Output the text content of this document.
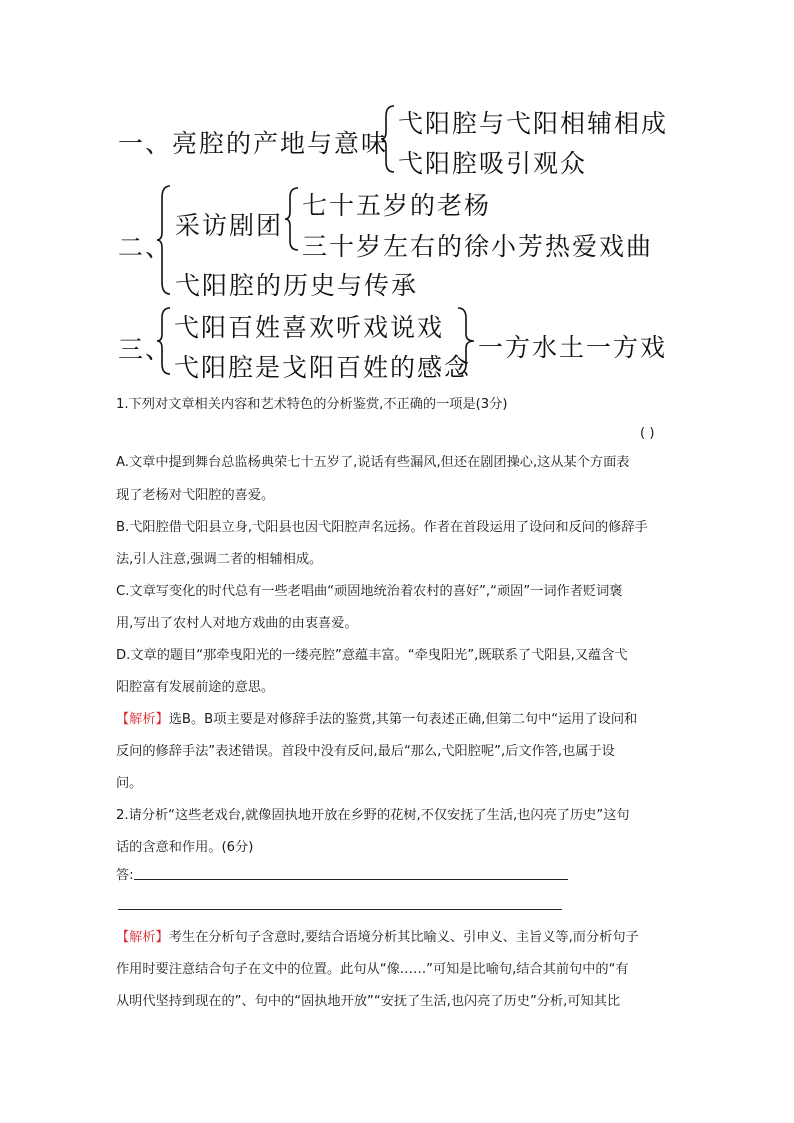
一、亮腔的产地与意味
弋阳腔与弋阳相辅相成
弋阳腔吸引观众
二、
采访剧团
七十五岁的老杨
三十岁左右的徐小芳热爱戏曲
弋阳腔的历史与传承
三、
弋阳百姓喜欢听戏说戏
弋阳腔是戈阳百姓的感念
一方水土一方戏
1.下列对文章相关内容和艺术特色的分析鉴赏,不正确的一项是(3分)
( )
A.文章中提到舞台总监杨典荣七十五岁了,说话有些漏风,但还在剧团操心,这从某个方面表
现了老杨对弋阳腔的喜爱。
B.弋阳腔借弋阳县立身,弋阳县也因弋阳腔声名远扬。作者在首段运用了设问和反问的修辞手
法,引人注意,强调二者的相辅相成。
C.文章写变化的时代总有一些老唱曲“顽固地统治着农村的喜好”,“顽固”一词作者贬词褒
用,写出了农村人对地方戏曲的由衷喜爱。
D.文章的题目“那牵曳阳光的一缕亮腔”意蕴丰富。“牵曳阳光”,既联系了弋阳县,又蕴含弋
阳腔富有发展前途的意思。
【解析】选B。B项主要是对修辞手法的鉴赏,其第一句表述正确,但第二句中“运用了设问和
反问的修辞手法”表述错误。首段中没有反问,最后“那么,弋阳腔呢”,后文作答,也属于设
问。
2.请分析“这些老戏台,就像固执地开放在乡野的花树,不仅安抚了生活,也闪亮了历史”这句
话的含意和作用。(6分)
答:
【解析】考生在分析句子含意时,要结合语境分析其比喻义、引申义、主旨义等,而分析句子
作用时要注意结合句子在文中的位置。此句从“像……”可知是比喻句,结合其前句中的“有
从明代坚持到现在的”、句中的“固执地开放”“安抚了生活,也闪亮了历史”分析,可知其比
